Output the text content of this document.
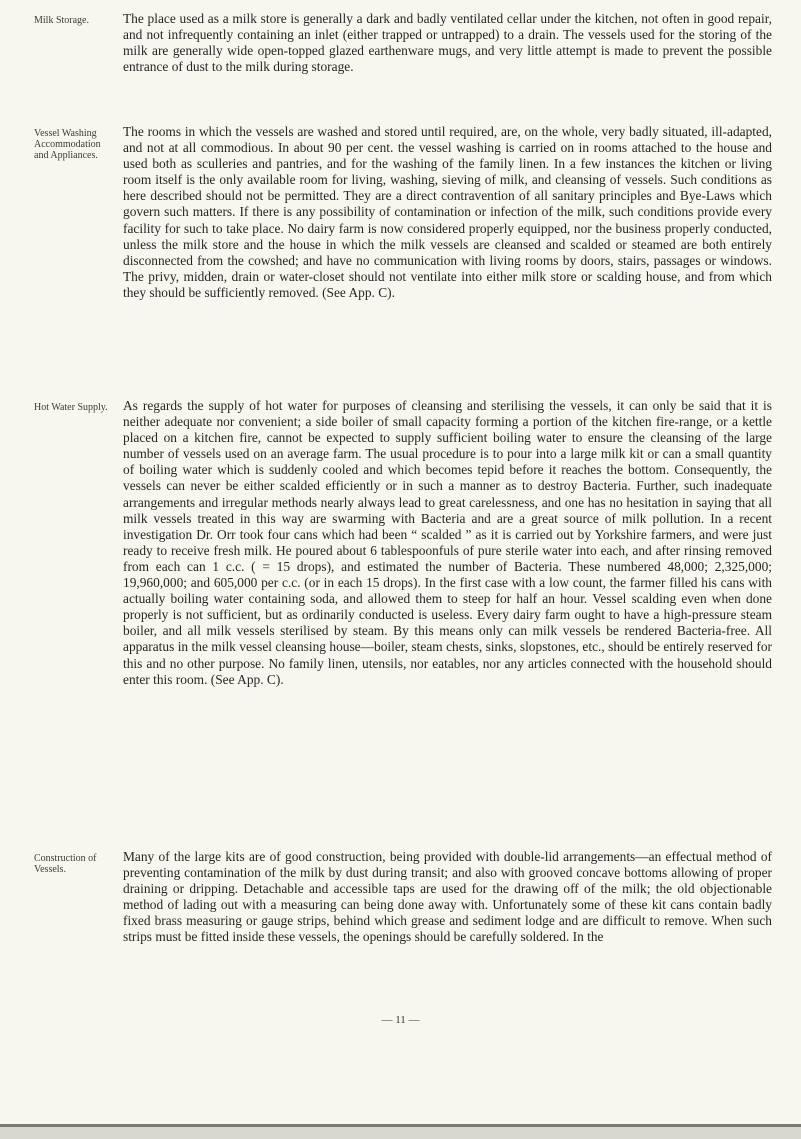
Milk Storage.	The place used as a milk store is generally a dark and badly ventilated cellar under the kitchen, not often in good repair, and not infrequently containing an inlet (either trapped or untrapped) to a drain. The vessels used for the storing of the milk are generally wide open-topped glazed earthenware mugs, and very little attempt is made to prevent the possible entrance of dust to the milk during storage.

Vessel Washing Accommodation and Appliances.

The rooms in which the vessels are washed and stored until required, are, on the whole, very badly situated, ill-adapted, and not at all commodious. In about 90 per cent. the vessel washing is carried on in rooms attached to the house and used both as sculleries and pantries, and for the washing of the family linen. In a few instances the kitchen or living room itself is the only available room for living, washing, sieving of milk, and cleansing of vessels. Such conditions as here described should not be permitted. They are a direct contravention of all sanitary principles and Bye-Laws which govern such matters. If there is any possibility of contamination or infection of the milk, such conditions provide every facility for such to take place. No dairy farm is now considered properly equipped, nor the business properly conducted, unless the milk store and the house in which the milk vessels are cleansed and scalded or steamed are both entirely disconnected from the cowshed; and have no communication with living rooms by doors, stairs, passages or windows. The privy, midden, drain or water-closet should not ventilate into either milk store or scalding house, and from which they should be sufficiently removed. (See App. C).

Hot Water Supply. As regards the supply of hot water for purposes of cleansing and sterilising the vessels, it can only be said that it is neither adequate nor convenient; a side boiler of small capacity forming a portion of the kitchen fire-range, or a kettle placed on a kitchen fire, cannot be expected to supply sufficient boiling water to ensure the cleansing of the large number of vessels used on an average farm. The usual procedure is to pour into a large milk kit or can a small quantity of boiling water which is suddenly cooled and which becomes tepid before it reaches the bottom. Consequently, the vessels can never be either scalded efficiently or in such a manner as to destroy Bacteria. Further, such inadequate arrangements and irregular methods nearly always lead to great carelessness, and one has no hesitation in saying that all milk vessels treated in this way are swarming with Bacteria and are a great source of milk pollution. In a recent investigation Dr. Orr took four cans which had been “ scalded ” as it is carried out by Yorkshire farmers, and were just ready to receive fresh milk. He poured about 6 tablespoonfuls of pure sterile water into each, and after rinsing removed from each can 1 c.c. ( = 15 drops), and estimated the number of Bacteria. These numbered 48,000; 2,325,000; 19,960,000; and 605,000 per c.c. (or in each 15 drops). In the first case with a low count, the farmer filled his cans with actually boiling water containing soda, and allowed them to steep for half an hour. Vessel scalding even when done properly is not sufficient, but as ordinarily conducted is useless. Every dairy farm ought to have a high-pressure steam boiler, and all milk vessels sterilised by steam. By this means only can milk vessels be rendered Bacteria-free. All apparatus in the milk vessel cleansing house—boiler, steam chests, sinks, slopstones, etc., should be entirely reserved for this and no other purpose. No family linen, utensils, nor eatables, nor any articles connected with the household should enter this room. (See App. C).

Construction of Vessels.

Many of the large kits are of good construction, being provided with double-lid arrangements—an effectual method of preventing contamination of the milk by dust during transit; and also with grooved concave bottoms allowing of proper draining or dripping. Detachable and accessible taps are used for the drawing off of the milk; the old objectionable method of lading out with a measuring can being done away with. Unfortunately some of these kit cans contain badly fixed brass measuring or gauge strips, behind which grease and sediment lodge and are difficult to remove. When such strips must be fitted inside these vessels, the openings should be carefully soldered. In the

— 11 —
